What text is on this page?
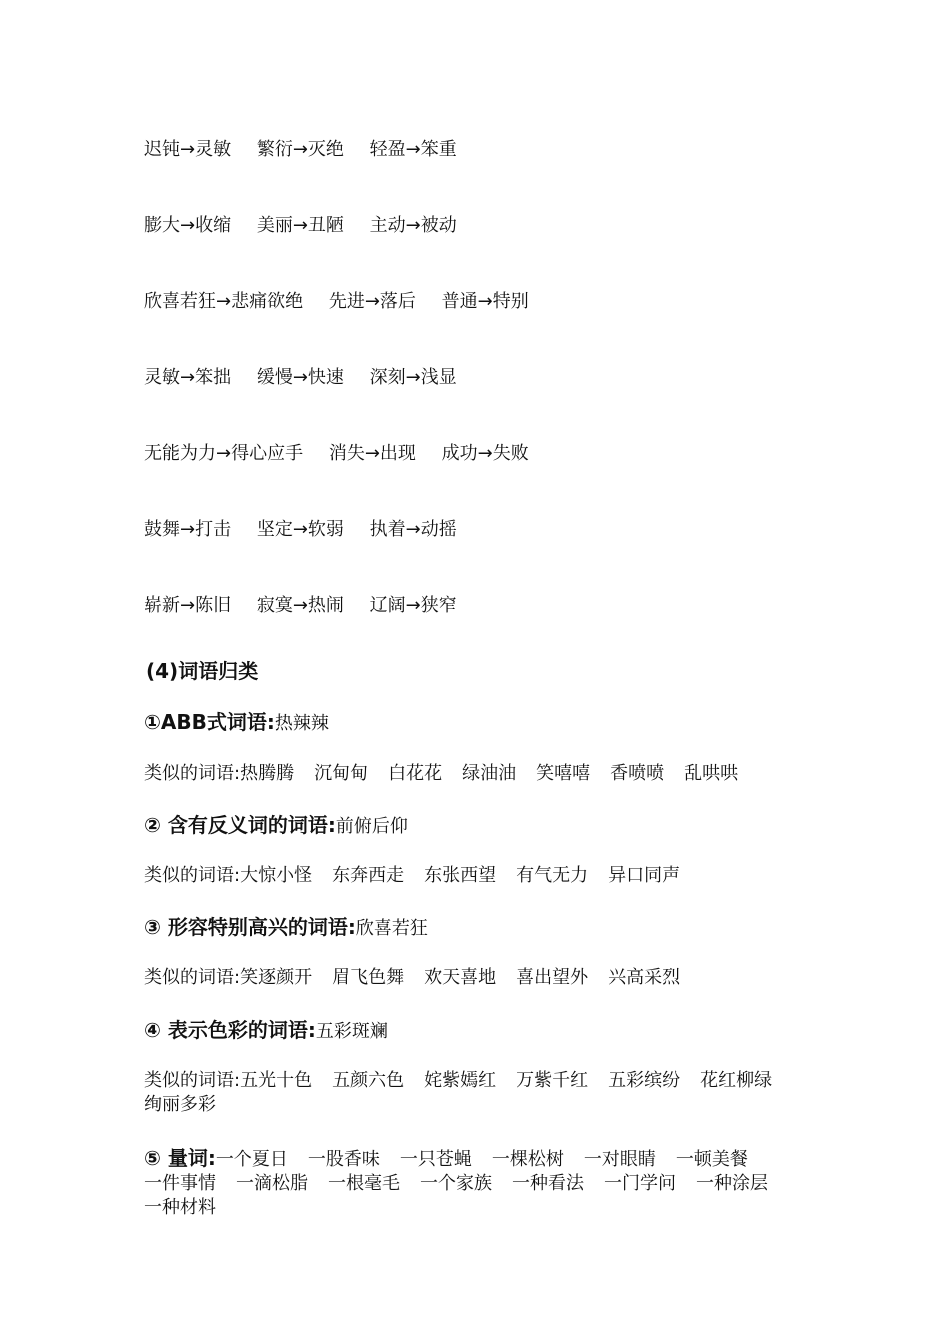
迟钝→灵敏 繁衍→灭绝 轻盈→笨重
膨大→收缩 美丽→丑陋 主动→被动
欣喜若狂→悲痛欲绝 先进→落后 普通→特别
灵敏→笨拙 缓慢→快速 深刻→浅显
无能为力→得心应手 消失→出现 成功→失败
鼓舞→打击 坚定→软弱 执着→动摇
崭新→陈旧 寂寞→热闹 辽阔→狭窄
(4)词语归类
①ABB式词语:热辣辣
类似的词语:热腾腾 沉甸甸 白花花 绿油油 笑嘻嘻 香喷喷 乱哄哄
② 含有反义词的词语:前俯后仰
类似的词语:大惊小怪 东奔西走 东张西望 有气无力 异口同声
③ 形容特别高兴的词语:欣喜若狂
类似的词语:笑逐颜开 眉飞色舞 欢天喜地 喜出望外 兴高采烈
④ 表示色彩的词语:五彩斑斓
类似的词语:五光十色 五颜六色 姹紫嫣红 万紫千红 五彩缤纷 花红柳绿绚丽多彩
⑤ 量词:一个夏日 一股香味 一只苍蝇 一棵松树 一对眼睛 一顿美餐一件事情 一滴松脂 一根毫毛 一个家族 一种看法 一门学问 一种涂层一种材料
